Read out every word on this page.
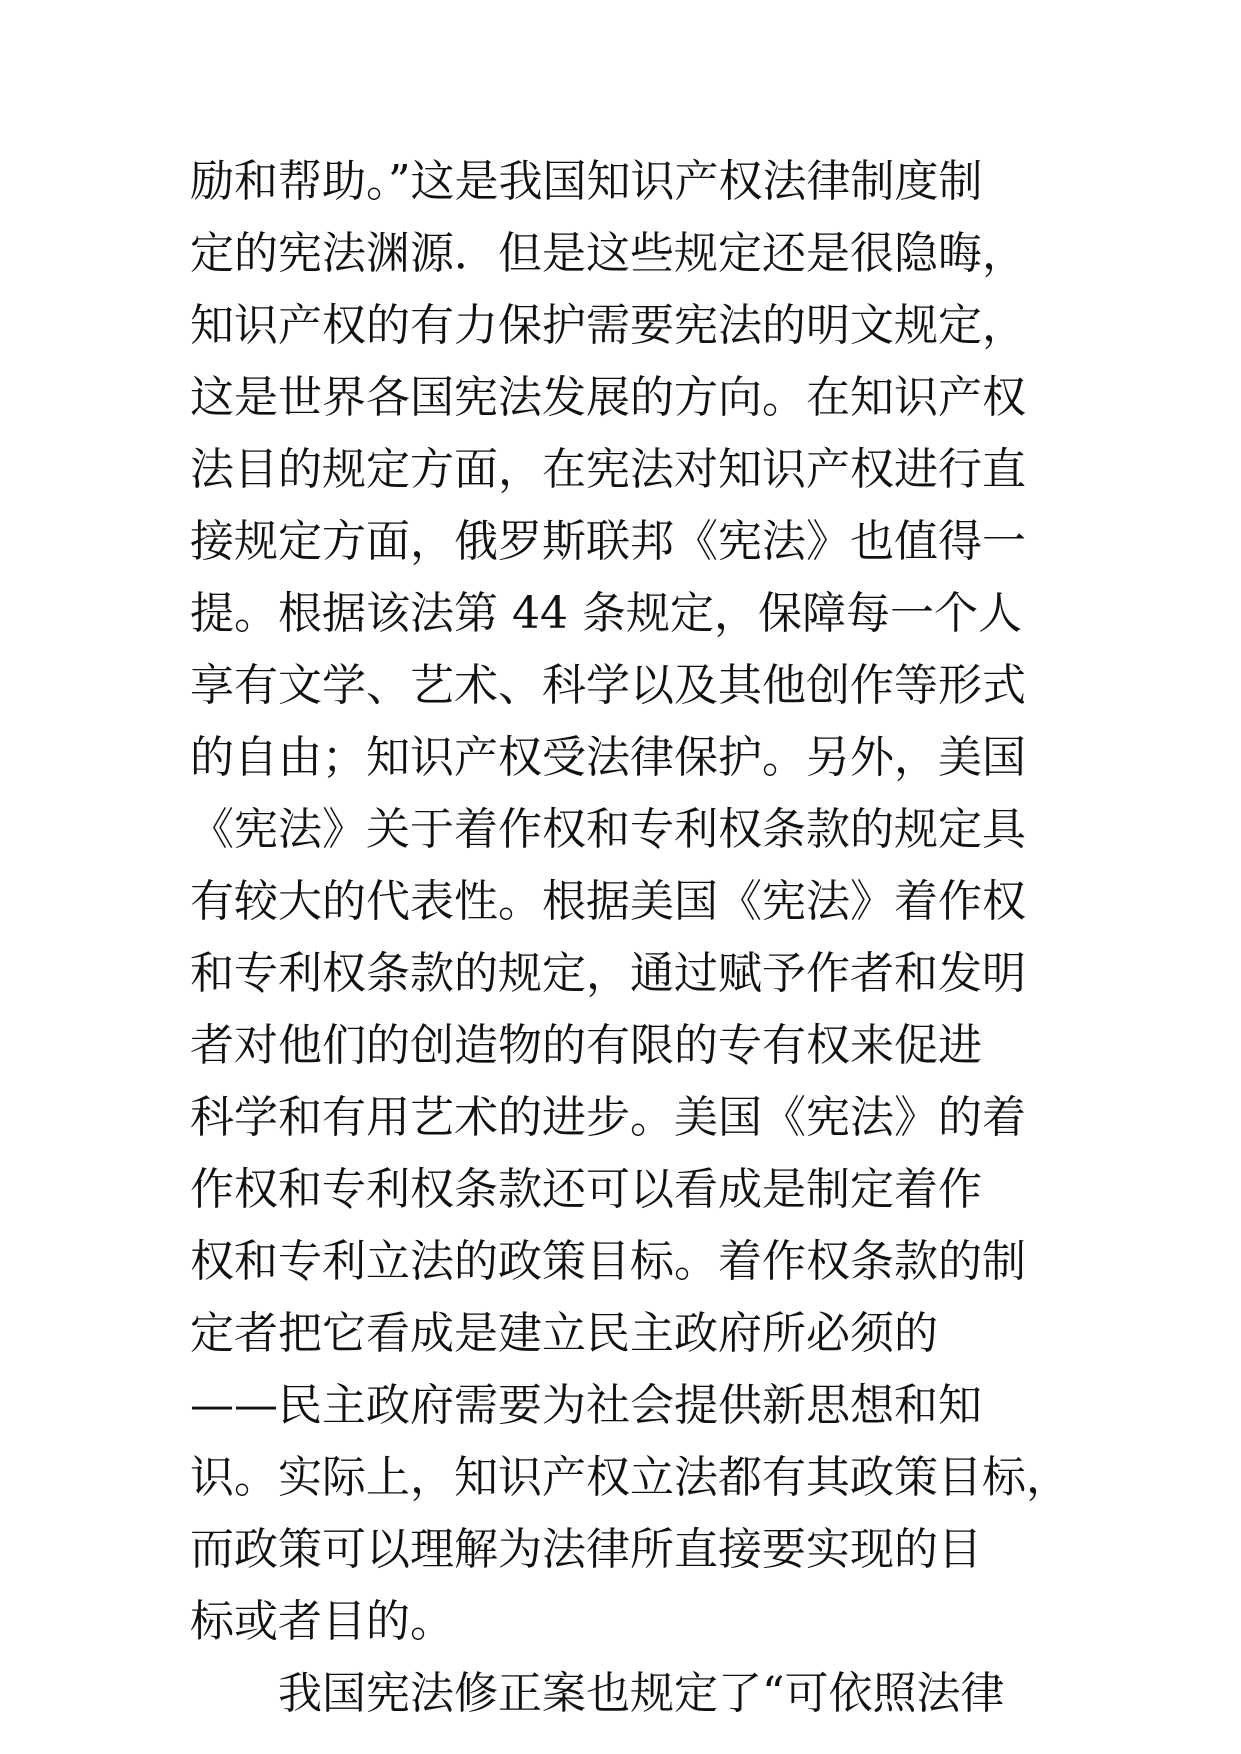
励和帮助。”这是我国知识产权法律制度制
定的宪法渊源．但是这些规定还是很隐晦，
知识产权的有力保护需要宪法的明文规定，
这是世界各国宪法发展的方向。在知识产权
法目的规定方面，在宪法对知识产权进行直
接规定方面，俄罗斯联邦《宪法》也值得一
提。根据该法第 44 条规定，保障每一个人
享有文学、艺术、科学以及其他创作等形式
的自由；知识产权受法律保护。另外，美国
《宪法》关于着作权和专利权条款的规定具
有较大的代表性。根据美国《宪法》着作权
和专利权条款的规定，通过赋予作者和发明
者对他们的创造物的有限的专有权来促进
科学和有用艺术的进步。美国《宪法》的着
作权和专利权条款还可以看成是制定着作
权和专利立法的政策目标。着作权条款的制
定者把它看成是建立民主政府所必须的
——民主政府需要为社会提供新思想和知
识。实际上，知识产权立法都有其政策目标，
而政策可以理解为法律所直接要实现的目
标或者目的。
我国宪法修正案也规定了“可依照法律
